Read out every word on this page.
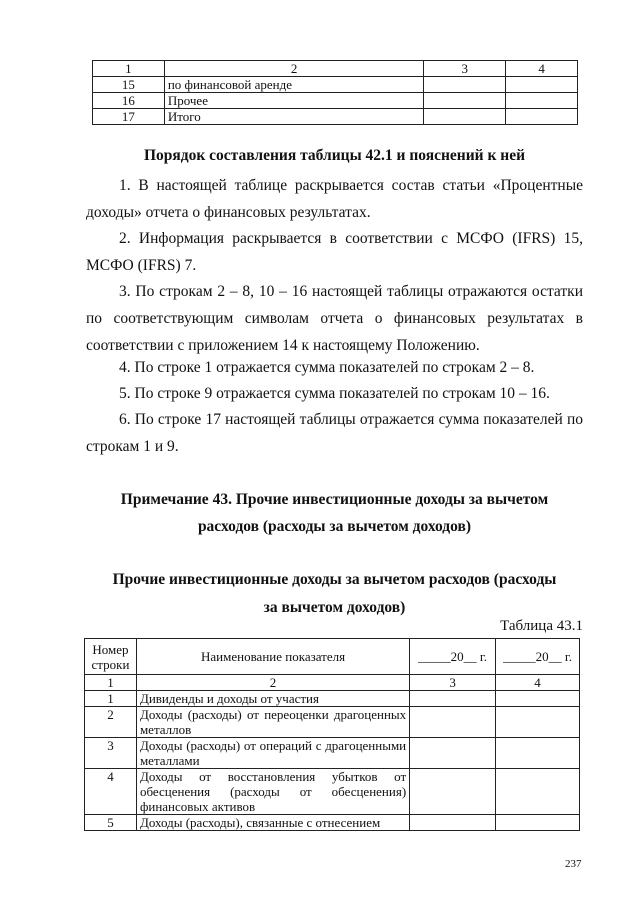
1	2	3	4
15	по финансовой аренде		
16	Прочее		
17	Итого		
Порядок составления таблицы 42.1 и пояснений к ней
1. В настоящей таблице раскрывается состав статьи «Процентные доходы» отчета о финансовых результатах.
2. Информация раскрывается в соответствии с МСФО (IFRS) 15, МСФО (IFRS) 7.
3. По строкам 2 – 8, 10 – 16 настоящей таблицы отражаются остатки по соответствующим символам отчета о финансовых результатах в соответствии с приложением 14 к настоящему Положению.
4. По строке 1 отражается сумма показателей по строкам 2 – 8.
5. По строке 9 отражается сумма показателей по строкам 10 – 16.
6. По строке 17 настоящей таблицы отражается сумма показателей по строкам 1 и 9.
Примечание 43. Прочие инвестиционные доходы за вычетом расходов (расходы за вычетом доходов)
Прочие инвестиционные доходы за вычетом расходов (расходы за вычетом доходов)
Таблица 43.1
Номер строки	Наименование показателя	_____20__ г.	_____20__ г.
1	2	3	4
1	Дивиденды и доходы от участия		
2	Доходы (расходы) от переоценки драгоценных металлов		
3	Доходы (расходы) от операций с драгоценными металлами		
4	Доходы от восстановления убытков от обесценения (расходы от обесценения) финансовых активов		
5	Доходы (расходы), связанные с отнесением		
237
